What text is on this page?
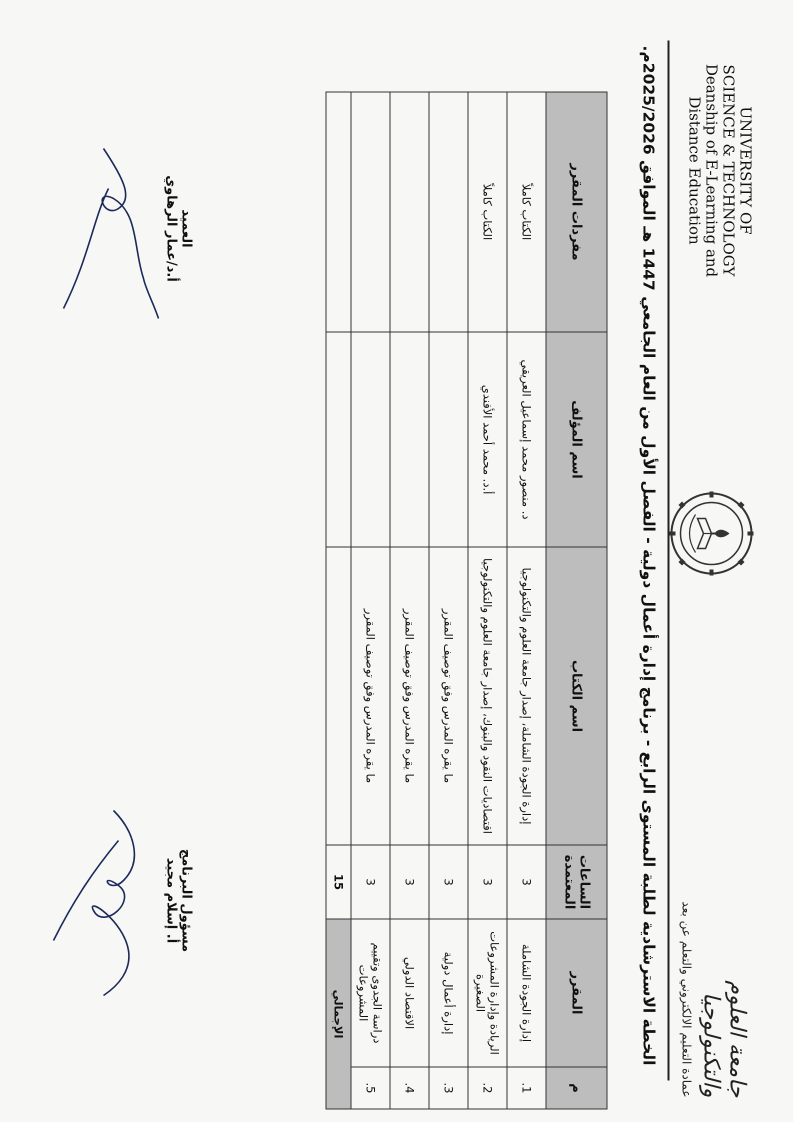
UNIVERSITY OF
SCIENCE & TECHNOLOGY
Deanship of E-Learning and
Distance Education
جامعة العلوم والتكنولوجيا
عمادة التعليم الالكتروني والتعلم عن بعد
الخطة الاسترشادية لطلبة المستوى الرابع - برنامج إدارة أعمال دولية - الفصل الأول من العام الجامعي 1447 هـ الموافق 2025/2026م.
م	المقرر	الساعات المعتمدة	اسم الكتاب	اسم المؤلف	مفردات المقرر
1.	إدارة الجودة الشاملة	3	إدارة الجودة الشاملة، إصدار جامعة العلوم والتكنولوجيا	د. منصور محمد إسماعيل العريقي	الكتاب كاملاً
2.	الريادة وإدارة المشروعات الصغيرة	3	اقتصاديات النقود والبنوك، إصدار جامعة العلوم والتكنولوجيا	أ.د. محمد أحمد الأفندي	الكتاب كاملاً
3.	إدارة أعمال دولية	3	ما يقره المدرس وفق توصيف المقرر		
4.	الاقتصاد الدولي	3	ما يقره المدرس وفق توصيف المقرر		
5.	دراسة الجدوى وتقييم المشروعات	3	ما يقره المدرس وفق توصيف المقرر		
الإجمالي		15			
العميد
أ.د/عمار الرهاوي
مسؤول البرنامج
أ. إسلام مجيد
